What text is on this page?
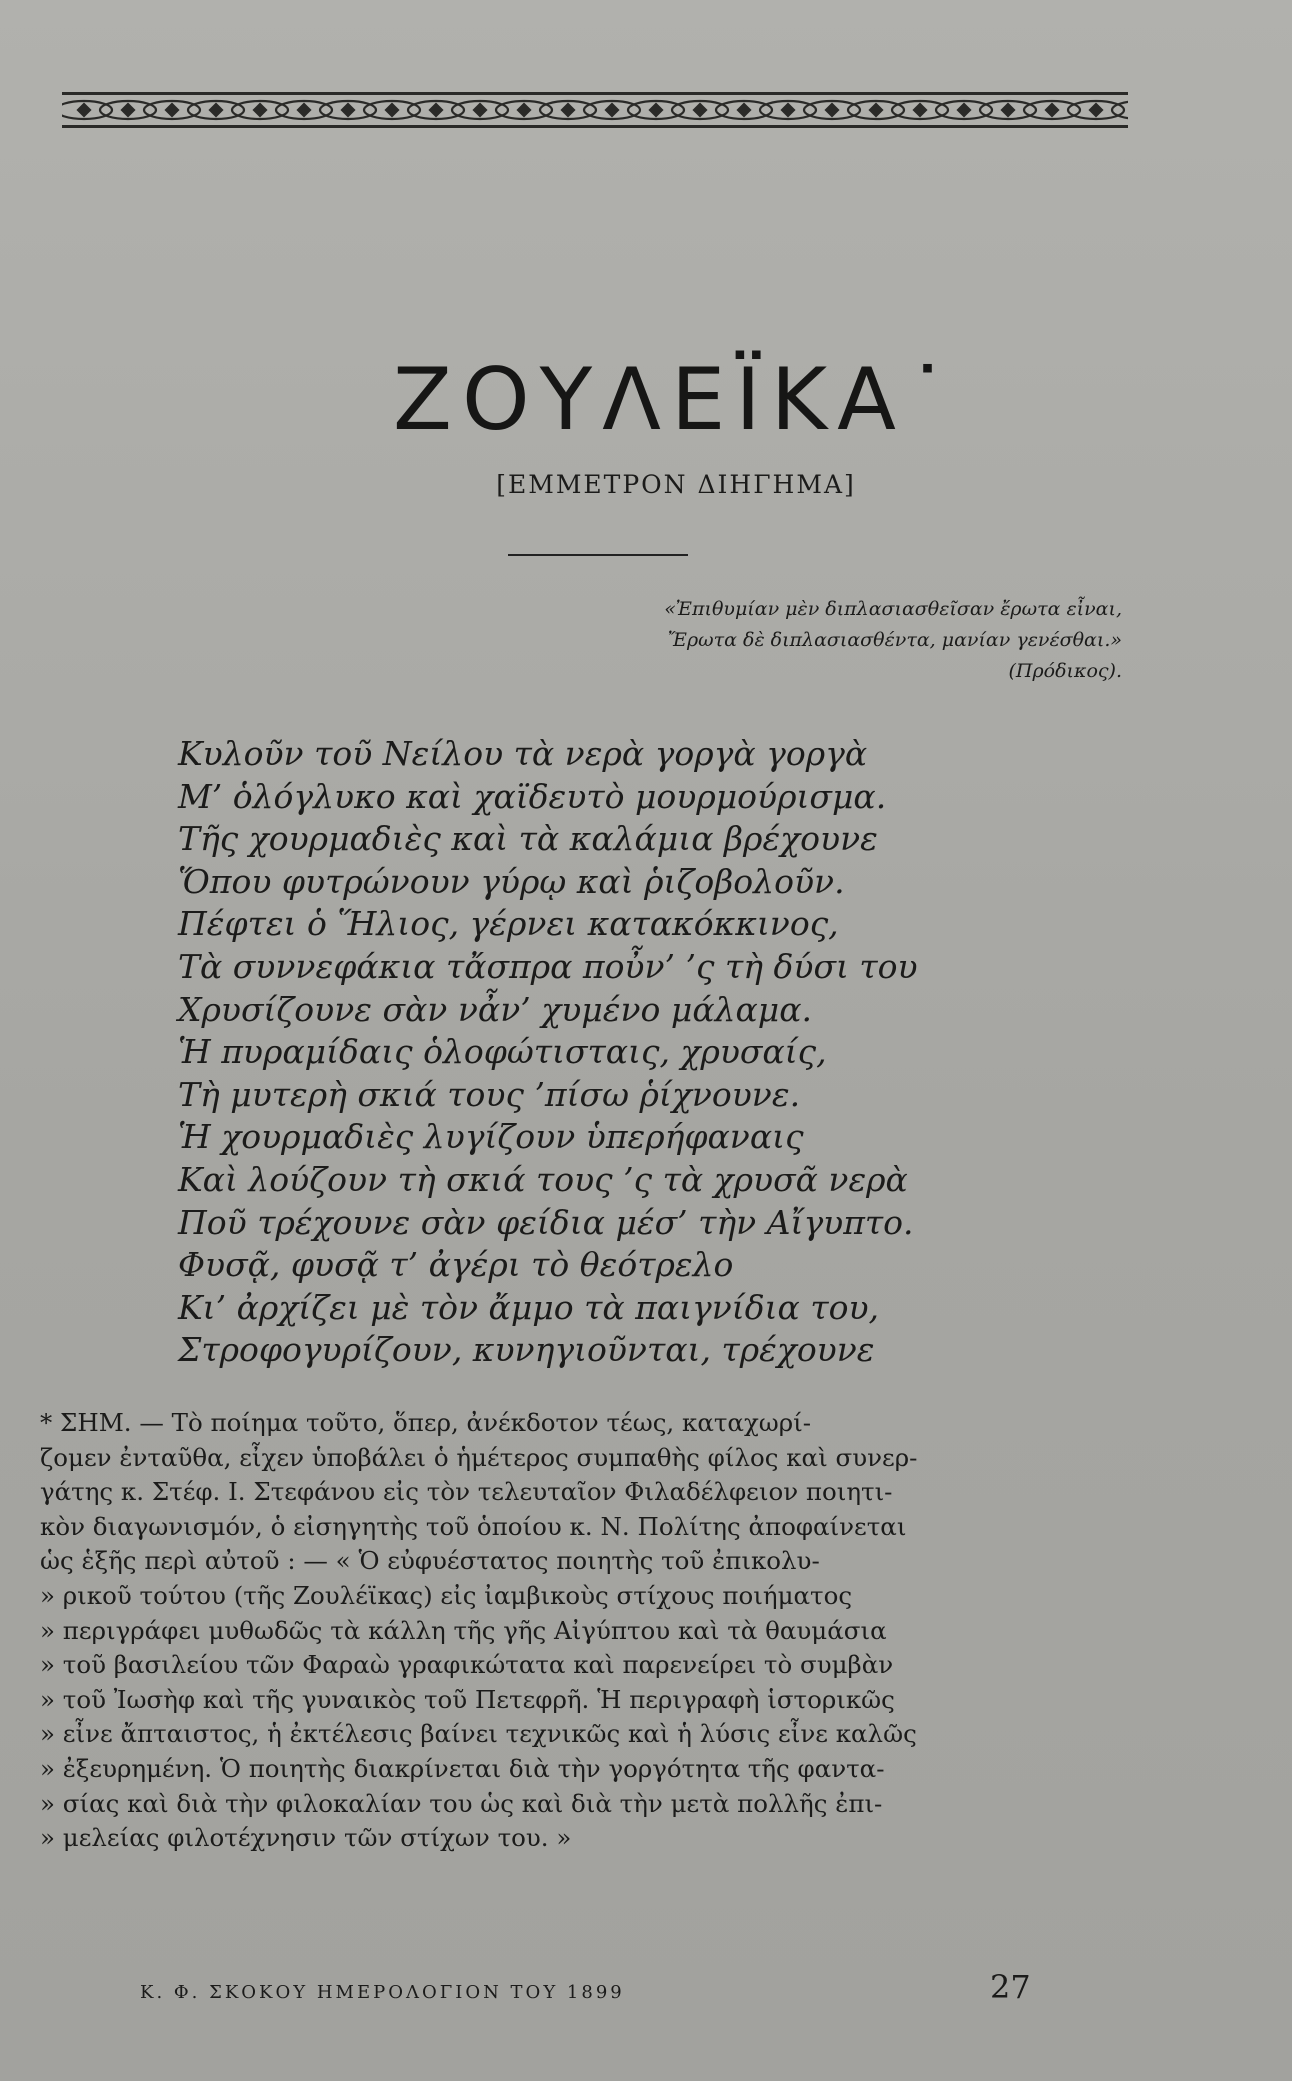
ΖΟΥΛΕΪΚΑ˙
[ΕΜΜΕΤΡΟΝ ΔΙΗΓΗΜΑ]
«Ἐπιθυμίαν μὲν διπλασιασθεῖσαν ἔρωτα εἶναι,
Ἔρωτα δὲ διπλασιασθέντα, μανίαν γενέσθαι.»
(Πρόδικος).
Κυλοῦν τοῦ Νείλου τὰ νερὰ γοργὰ γοργὰ
Μ’ ὁλόγλυκο καὶ χαϊδευτὸ μουρμούρισμα.
Τῆς χουρμαδιὲς καὶ τὰ καλάμια βρέχουνε
Ὅπου φυτρώνουν γύρῳ καὶ ῥιζοβολοῦν.
Πέφτει ὁ Ἥλιος, γέρνει κατακόκκινος,
Τὰ συννεφάκια τἄσπρα ποὖν’ ’ς τὴ δύσι του
Χρυσίζουνε σὰν νἆν’ χυμένο μάλαμα.
Ἡ πυραμίδαις ὁλοφώτισταις, χρυσαίς,
Τὴ μυτερὴ σκιά τους ’πίσω ῥίχνουνε.
Ἡ χουρμαδιὲς λυγίζουν ὑπερήφαναις
Καὶ λούζουν τὴ σκιά τους ’ς τὰ χρυσᾶ νερὰ
Ποῦ τρέχουνε σὰν φείδια μέσ’ τὴν Αἴγυπτο.
Φυσᾷ, φυσᾷ τ’ ἀγέρι τὸ θεότρελο
Κι’ ἀρχίζει μὲ τὸν ἄμμο τὰ παιγνίδια του,
Στροφογυρίζουν, κυνηγιοῦνται, τρέχουνε
* ΣΗΜ. — Τὸ ποίημα τοῦτο, ὅπερ, ἀνέκδοτον τέως, καταχωρί-
ζομεν ἐνταῦθα, εἶχεν ὑποβάλει ὁ ἡμέτερος συμπαθὴς φίλος καὶ συνερ-
γάτης κ. Στέφ. Ι. Στεφάνου εἰς τὸν τελευταῖον Φιλαδέλφειον ποιητι-
κὸν διαγωνισμόν, ὁ εἰσηγητὴς τοῦ ὁποίου κ. Ν. Πολίτης ἀποφαίνεται
ὡς ἑξῆς περὶ αὐτοῦ : — « Ὁ εὐφυέστατος ποιητὴς τοῦ ἐπικολυ-
» ρικοῦ τούτου (τῆς Ζουλέϊκας) εἰς ἰαμβικοὺς στίχους ποιήματος
» περιγράφει μυθωδῶς τὰ κάλλη τῆς γῆς Αἰγύπτου καὶ τὰ θαυμάσια
» τοῦ βασιλείου τῶν Φαραὼ γραφικώτατα καὶ παρενείρει τὸ συμβὰν
» τοῦ Ἰωσὴφ καὶ τῆς γυναικὸς τοῦ Πετεφρῆ. Ἡ περιγραφὴ ἱστορικῶς
» εἶνε ἄπταιστος, ἡ ἐκτέλεσις βαίνει τεχνικῶς καὶ ἡ λύσις εἶνε καλῶς
» ἐξευρημένη. Ὁ ποιητὴς διακρίνεται διὰ τὴν γοργότητα τῆς φαντα-
» σίας καὶ διὰ τὴν φιλοκαλίαν του ὡς καὶ διὰ τὴν μετὰ πολλῆς ἐπι-
» μελείας φιλοτέχνησιν τῶν στίχων του. »
Κ. Φ. ΣΚΟΚΟΥ ΗΜΕΡΟΛΟΓΙΟΝ ΤΟΥ 1899	27
